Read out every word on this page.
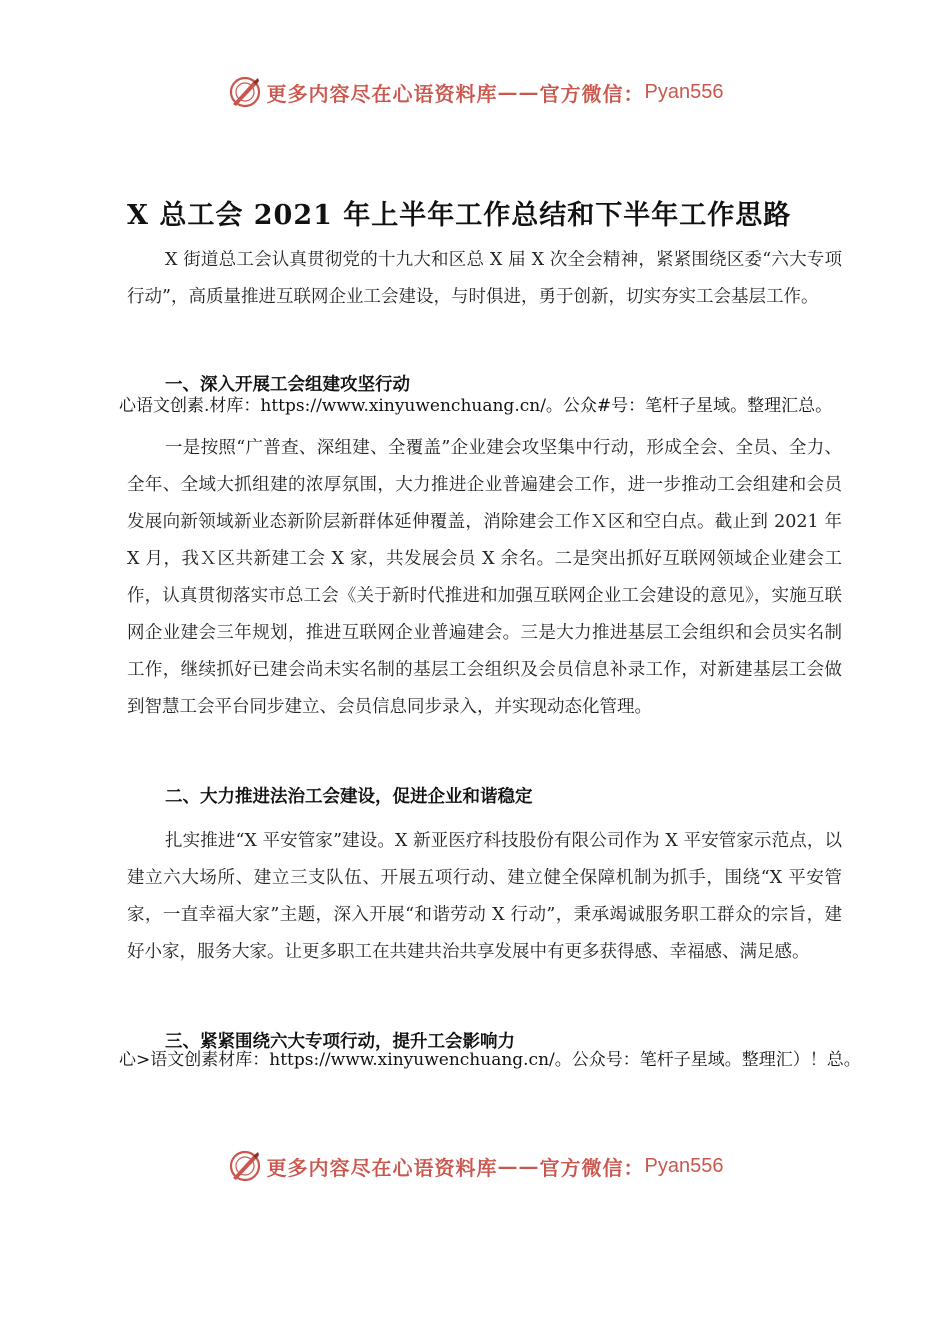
更多内容尽在心语资料库 —— 官方微信： Pyan556
X 总工会 2021 年上半年工作总结和下半年工作思路

X 街道总工会认真贯彻党的十九大和区总 X 届 X 次全会精神，紧紧围绕区委“六大专项行动”，高质量推进互联网企业工会建设，与时俱进，勇于创新，切实夯实工会基层工作。

一、深入开展工会组建攻坚行动

心语文创素.材库：https://www.xinyuwenchuang.cn/。公众#号：笔杆子星域。整理汇总。

一是按照“广普查、深组建、全覆盖”企业建会攻坚集中行动，形成全会、全员、全力、全年、全域大抓组建的浓厚氛围，大力推进企业普遍建会工作，进一步推动工会组建和会员发展向新领域新业态新阶层新群体延伸覆盖，消除建会工作Ｘ区和空白点。截止到 2021 年 X 月，我Ｘ区共新建工会 X 家，共发展会员 X 余名。二是突出抓好互联网领域企业建会工作，认真贯彻落实市总工会《关于新时代推进和加强互联网企业工会建设的意见》，实施互联网企业建会三年规划，推进互联网企业普遍建会。三是大力推进基层工会组织和会员实名制工作，继续抓好已建会尚未实名制的基层工会组织及会员信息补录工作，对新建基层工会做到智慧工会平台同步建立、会员信息同步录入，并实现动态化管理。

二、大力推进法治工会建设，促进企业和谐稳定

扎实推进“X 平安管家”建设。X 新亚医疗科技股份有限公司作为 X 平安管家示范点，以建立六大场所、建立三支队伍、开展五项行动、建立健全保障机制为抓手，围绕“X 平安管家，一直幸福大家”主题，深入开展“和谐劳动 X 行动”，秉承竭诚服务职工群众的宗旨，建好小家，服务大家。让更多职工在共建共治共享发展中有更多获得感、幸福感、满足感。

三、紧紧围绕六大专项行动，提升工会影响力

心>语文创素材库：https://www.xinyuwenchuang.cn/。公众号：笔杆子星域。整理汇）！总。

更多内容尽在心语资料库 —— 官方微信： Pyan556
